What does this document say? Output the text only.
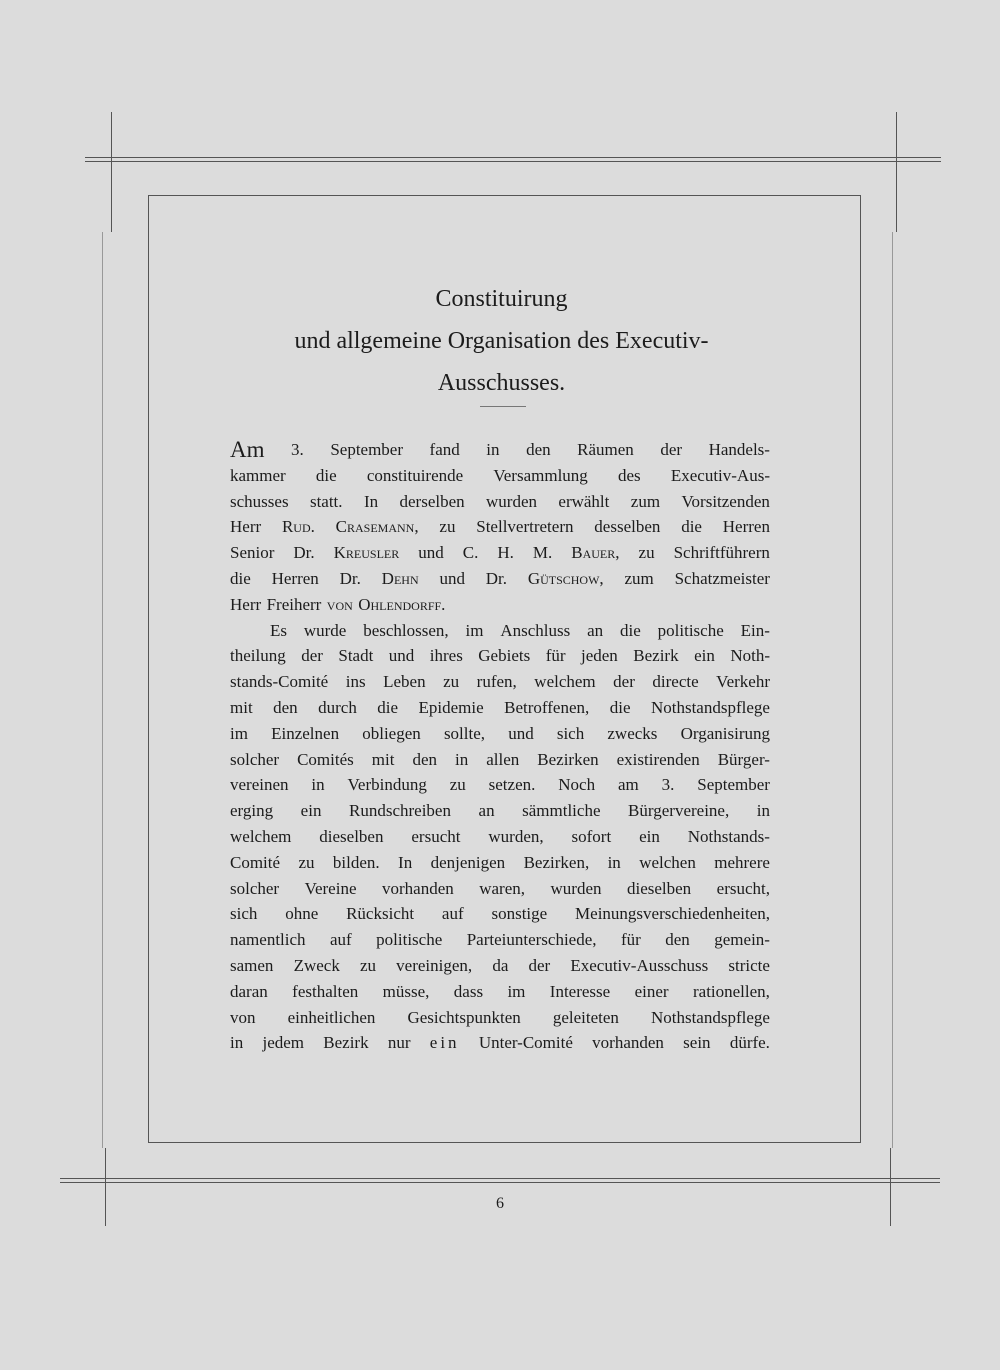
Constituirung
und allgemeine Organisation des Executiv-
Ausschusses.
Am 3. September fand in den Räumen der Handels-
kammer die constituirende Versammlung des Executiv-Aus-
schusses statt. In derselben wurden erwählt zum Vorsitzenden
Herr Rud. Crasemann, zu Stellvertretern desselben die Herren
Senior Dr. Kreusler und C. H. M. Bauer, zu Schriftführern
die Herren Dr. Dehn und Dr. Gütschow, zum Schatzmeister
Herr Freiherr von Ohlendorff.
Es wurde beschlossen, im Anschluss an die politische Ein-
theilung der Stadt und ihres Gebiets für jeden Bezirk ein Noth-
stands-Comité ins Leben zu rufen, welchem der directe Verkehr
mit den durch die Epidemie Betroffenen, die Nothstandspflege
im Einzelnen obliegen sollte, und sich zwecks Organisirung
solcher Comités mit den in allen Bezirken existirenden Bürger-
vereinen in Verbindung zu setzen. Noch am 3. September
erging ein Rundschreiben an sämmtliche Bürgervereine, in
welchem dieselben ersucht wurden, sofort ein Nothstands-
Comité zu bilden. In denjenigen Bezirken, in welchen mehrere
solcher Vereine vorhanden waren, wurden dieselben ersucht,
sich ohne Rücksicht auf sonstige Meinungsverschiedenheiten,
namentlich auf politische Parteiunterschiede, für den gemein-
samen Zweck zu vereinigen, da der Executiv-Ausschuss stricte
daran festhalten müsse, dass im Interesse einer rationellen,
von einheitlichen Gesichtspunkten geleiteten Nothstandspflege
in jedem Bezirk nur ein Unter-Comité vorhanden sein dürfe.
6
